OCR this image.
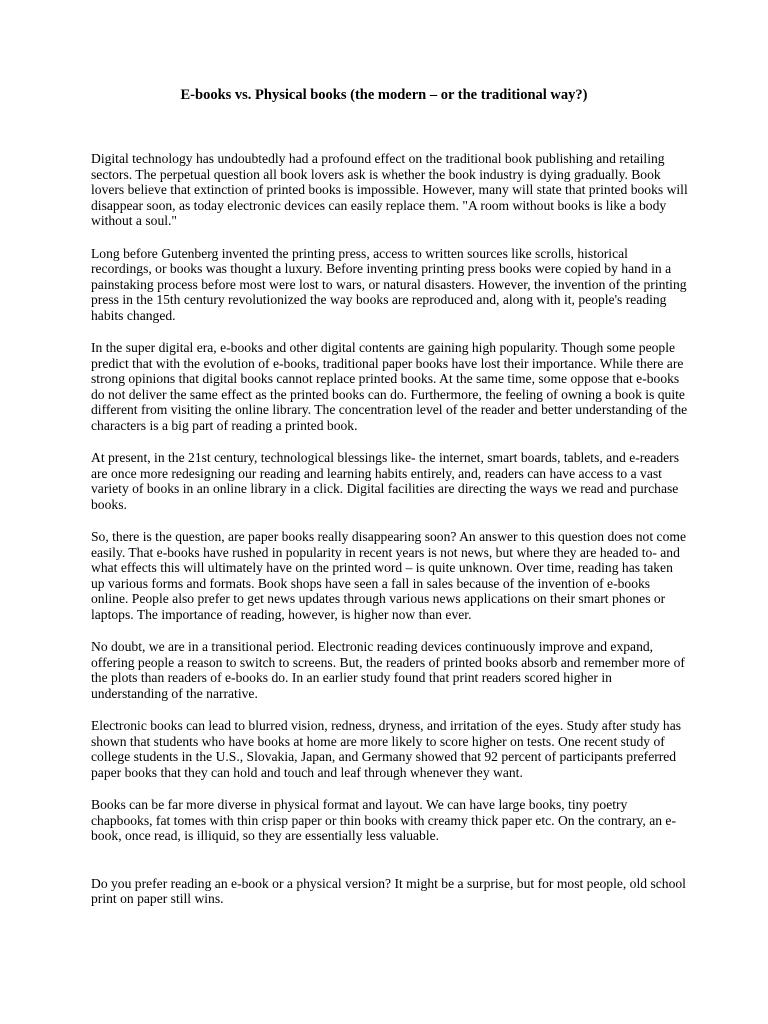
E-books vs. Physical books (the modern – or the traditional way?)

Digital technology has undoubtedly had a profound effect on the traditional book publishing and retailing sectors. The perpetual question all book lovers ask is whether the book industry is dying gradually. Book lovers believe that extinction of printed books is impossible. However, many will state that printed books will disappear soon, as today electronic devices can easily replace them. "A room without books is like a body without a soul."

Long before Gutenberg invented the printing press, access to written sources like scrolls, historical recordings, or books was thought a luxury. Before inventing printing press books were copied by hand in a painstaking process before most were lost to wars, or natural disasters. However, the invention of the printing press in the 15th century revolutionized the way books are reproduced and, along with it, people's reading habits changed.

In the super digital era, e-books and other digital contents are gaining high popularity. Though some people predict that with the evolution of e-books, traditional paper books have lost their importance. While there are strong opinions that digital books cannot replace printed books. At the same time, some oppose that e-books do not deliver the same effect as the printed books can do. Furthermore, the feeling of owning a book is quite different from visiting the online library. The concentration level of the reader and better understanding of the characters is a big part of reading a printed book.

At present, in the 21st century, technological blessings like- the internet, smart boards, tablets, and e-readers are once more redesigning our reading and learning habits entirely, and, readers can have access to a vast variety of books in an online library in a click. Digital facilities are directing the ways we read and purchase books.

So, there is the question, are paper books really disappearing soon? An answer to this question does not come easily. That e-books have rushed in popularity in recent years is not news, but where they are headed to- and what effects this will ultimately have on the printed word – is quite unknown. Over time, reading has taken up various forms and formats. Book shops have seen a fall in sales because of the invention of e-books online. People also prefer to get news updates through various news applications on their smart phones or laptops. The importance of reading, however, is higher now than ever.

No doubt, we are in a transitional period. Electronic reading devices continuously improve and expand, offering people a reason to switch to screens. But, the readers of printed books absorb and remember more of the plots than readers of e-books do. In an earlier study found that print readers scored higher in understanding of the narrative.

Electronic books can lead to blurred vision, redness, dryness, and irritation of the eyes. Study after study has shown that students who have books at home are more likely to score higher on tests. One recent study of college students in the U.S., Slovakia, Japan, and Germany showed that 92 percent of participants preferred paper books that they can hold and touch and leaf through whenever they want.

Books can be far more diverse in physical format and layout. We can have large books, tiny poetry chapbooks, fat tomes with thin crisp paper or thin books with creamy thick paper etc. On the contrary, an e-book, once read, is illiquid, so they are essentially less valuable.

Do you prefer reading an e-book or a physical version? It might be a surprise, but for most people, old school print on paper still wins.
